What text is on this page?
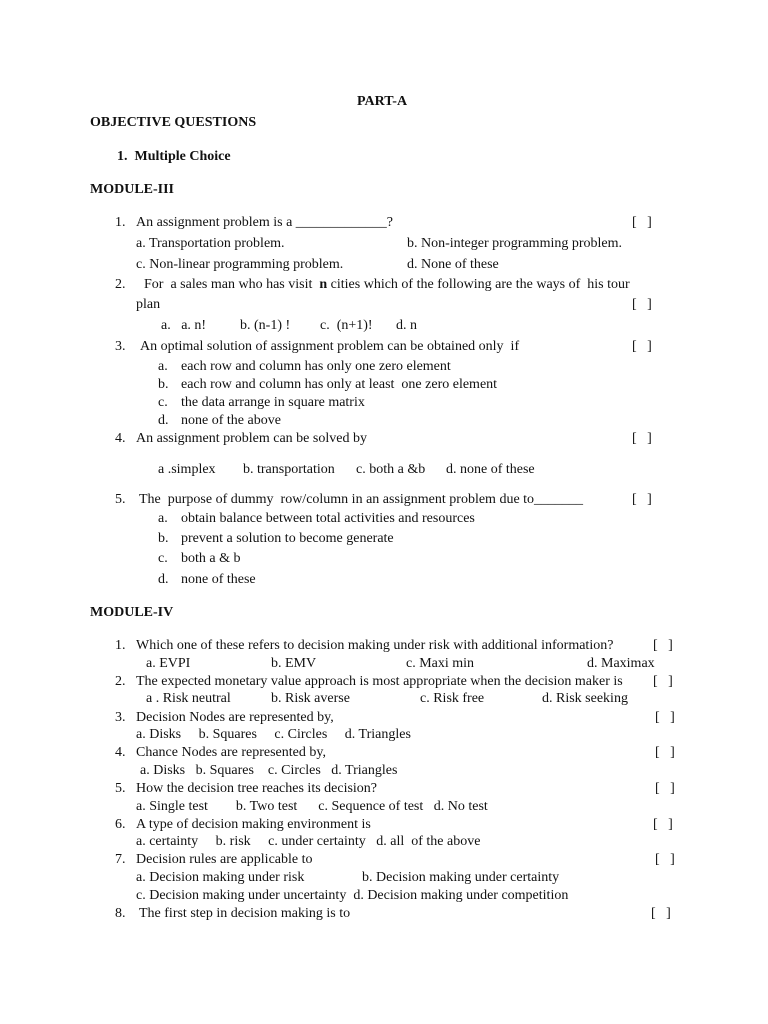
PART-A
OBJECTIVE QUESTIONS
1.  Multiple Choice
MODULE-III
1. An assignment problem is a _____________?	[   ]
a. Transportation problem.	b. Non-integer programming problem.
c. Non-linear programming problem.	d. None of these
2. For  a sales man who has visit  n cities which of the following are the ways of  his tour
plan	[   ]
a.   a. n! b. (n-1) ! c.  (n+1)! d. n
3. An optimal solution of assignment problem can be obtained only  if	[   ]
a. each row and column has only one zero element
b. each row and column has only at least  one zero element
c. the data arrange in square matrix
d. none of the above
4. An assignment problem can be solved by	[   ]
a .simplex b. transportation c. both a &b d. none of these
5. The  purpose of dummy  row/column in an assignment problem due to_______	[   ]
a. obtain balance between total activities and resources
b. prevent a solution to become generate
c. both a & b
d. none of these
MODULE-IV
1. Which one of these refers to decision making under risk with additional information?	[   ]
a. EVPI	b. EMV	c. Maxi min	d. Maximax
2. The expected monetary value approach is most appropriate when the decision maker is [   ]
a . Risk neutral	b. Risk averse	c. Risk free	d. Risk seeking
3. Decision Nodes are represented by,	[   ]
a. Disks     b. Squares     c. Circles     d. Triangles
4. Chance Nodes are represented by,	[   ]
a. Disks   b. Squares    c. Circles   d. Triangles
5. How the decision tree reaches its decision?	[   ]
a. Single test        b. Two test      c. Sequence of test   d. No test
6. A type of decision making environment is	[   ]
a. certainty     b. risk     c. under certainty   d. all  of the above
7. Decision rules are applicable to	[   ]
a. Decision making under risk	b. Decision making under certainty
c. Decision making under uncertainty  d. Decision making under competition
8. The first step in decision making is to	[   ]
